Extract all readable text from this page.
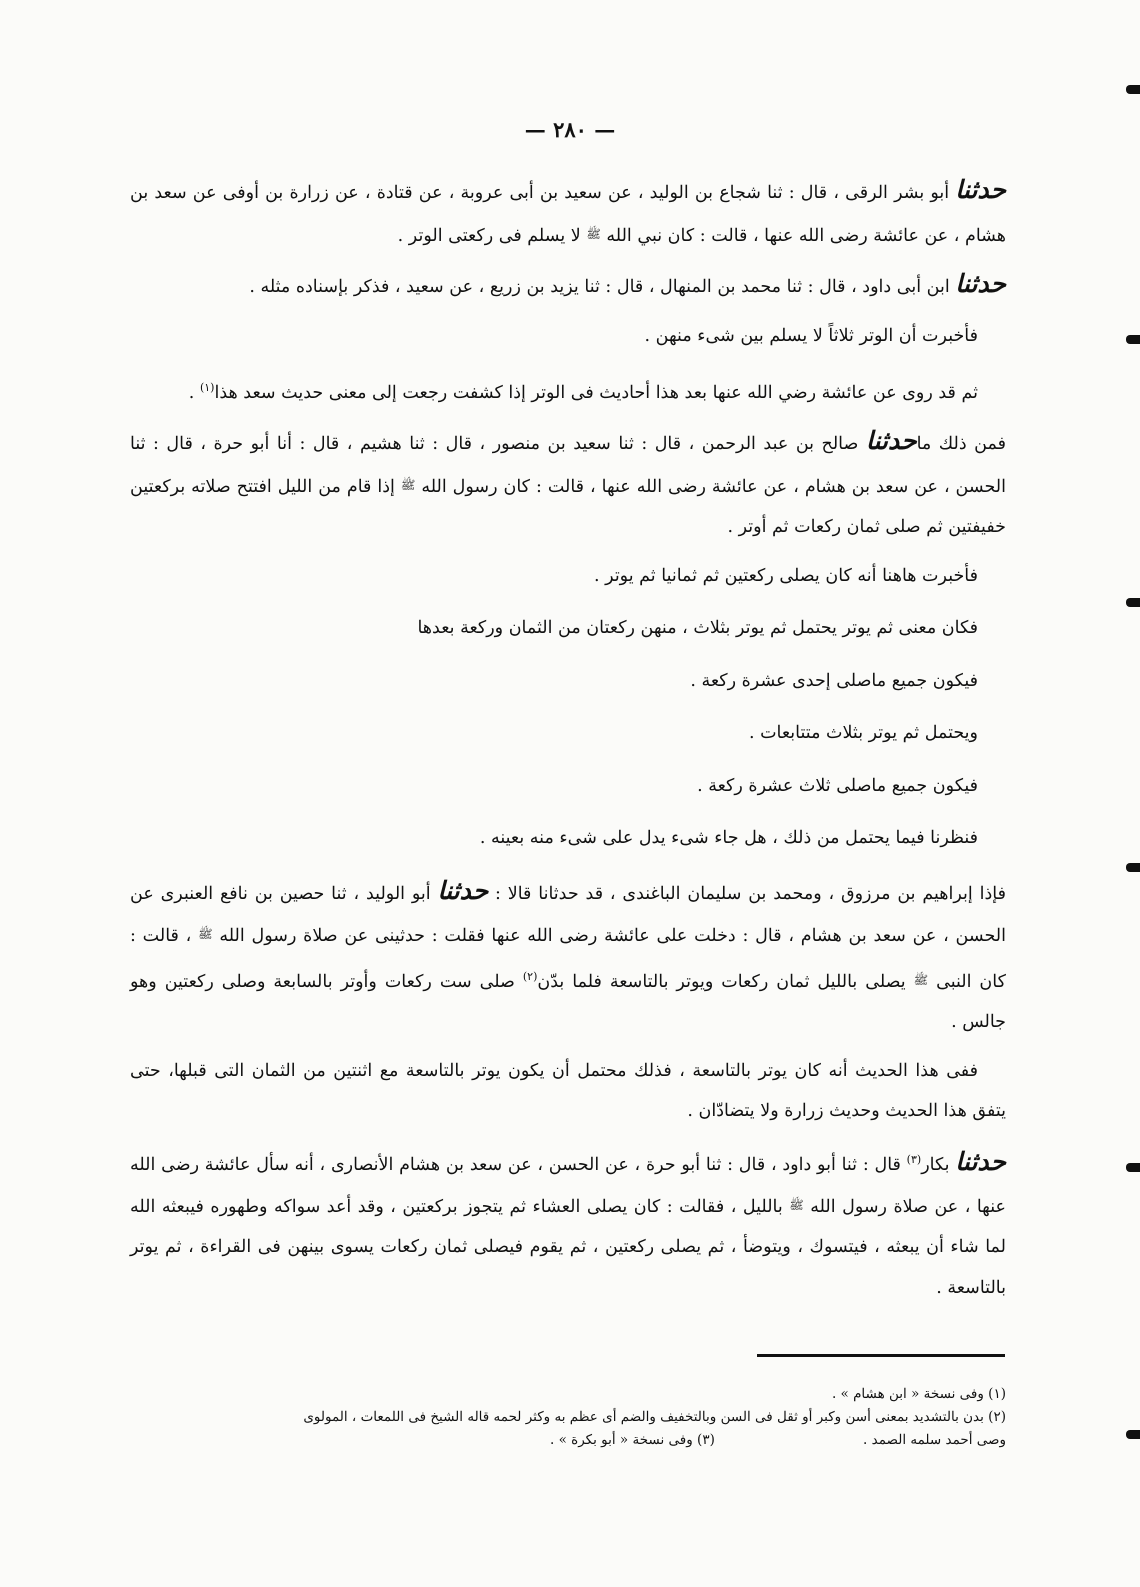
— ٢٨٠ —

حدثنا أبو بشر الرقى ، قال : ثنا شجاع بن الوليد ، عن سعيد بن أبى عروبة ، عن قتادة ، عن زرارة بن أوفى عن سعد بن هشام ، عن عائشة رضى الله عنها ، قالت : كان نبي الله ﷺ لا يسلم فى ركعتى الوتر .

حدثنا ابن أبى داود ، قال : ثنا محمد بن المنهال ، قال : ثنا يزيد بن زريع ، عن سعيد ، فذكر بإسناده مثله .

فأخبرت أن الوتر ثلاثاً لا يسلم بين شىء منهن .

ثم قد روى عن عائشة رضي الله عنها بعد هذا أحاديث فى الوتر إذا كشفت رجعت إلى معنى حديث سعد هذا$^{(١)}$ .

فمن ذلك ماحدثنا صالح بن عبد الرحمن ، قال : ثنا سعيد بن منصور ، قال : ثنا هشيم ، قال : أنا أبو حرة ، قال : ثنا الحسن ، عن سعد بن هشام ، عن عائشة رضى الله عنها ، قالت : كان رسول الله ﷺ إذا قام من الليل افتتح صلاته بركعتين خفيفتين ثم صلى ثمان ركعات ثم أوتر .

فأخبرت هاهنا أنه كان يصلى ركعتين ثم ثمانيا ثم يوتر .

فكان معنى ثم يوتر يحتمل ثم يوتر بثلاث ، منهن ركعتان من الثمان وركعة بعدها

فيكون جميع ماصلى إحدى عشرة ركعة .

ويحتمل ثم يوتر بثلاث متتابعات .

فيكون جميع ماصلى ثلاث عشرة ركعة .

فنظرنا فيما يحتمل من ذلك ، هل جاء شىء يدل على شىء منه بعينه .

فإذا إبراهيم بن مرزوق ، ومحمد بن سليمان الباغندى ، قد حدثانا قالا : حدثنا أبو الوليد ، ثنا حصين بن نافع العنبرى عن الحسن ، عن سعد بن هشام ، قال : دخلت على عائشة رضى الله عنها فقلت : حدثينى عن صلاة رسول الله ﷺ ، قالت : كان النبى ﷺ يصلى بالليل ثمان ركعات ويوتر بالتاسعة فلما بدّن$^{(٢)}$ صلى ست ركعات وأوتر بالسابعة وصلى ركعتين وهو جالس .

ففى هذا الحديث أنه كان يوتر بالتاسعة ، فذلك محتمل أن يكون يوتر بالتاسعة مع اثنتين من الثمان التى قبلها، حتى يتفق هذا الحديث وحديث زرارة ولا يتضادّان .

حدثنا بكار$^{(٣)}$ قال : ثنا أبو داود ، قال : ثنا أبو حرة ، عن الحسن ، عن سعد بن هشام الأنصارى ، أنه سأل عائشة رضى الله عنها ، عن صلاة رسول الله ﷺ بالليل ، فقالت : كان يصلى العشاء ثم يتجوز بركعتين ، وقد أعد سواكه وطهوره فيبعثه الله لما شاء أن يبعثه ، فيتسوك ، ويتوضأ ، ثم يصلى ركعتين ، ثم يقوم فيصلى ثمان ركعات يسوى بينهن فى القراءة ، ثم يوتر بالتاسعة .

(١) وفى نسخة « ابن هشام » .

(٢) بدن بالتشديد بمعنى أسن وكبر أو ثقل فى السن وبالتخفيف والضم أى عظم به وكثر لحمه قاله الشيخ فى اللمعات ، المولوى

وصى أحمد سلمه الصمد .
(٣) وفى نسخة « أبو بكرة » .
